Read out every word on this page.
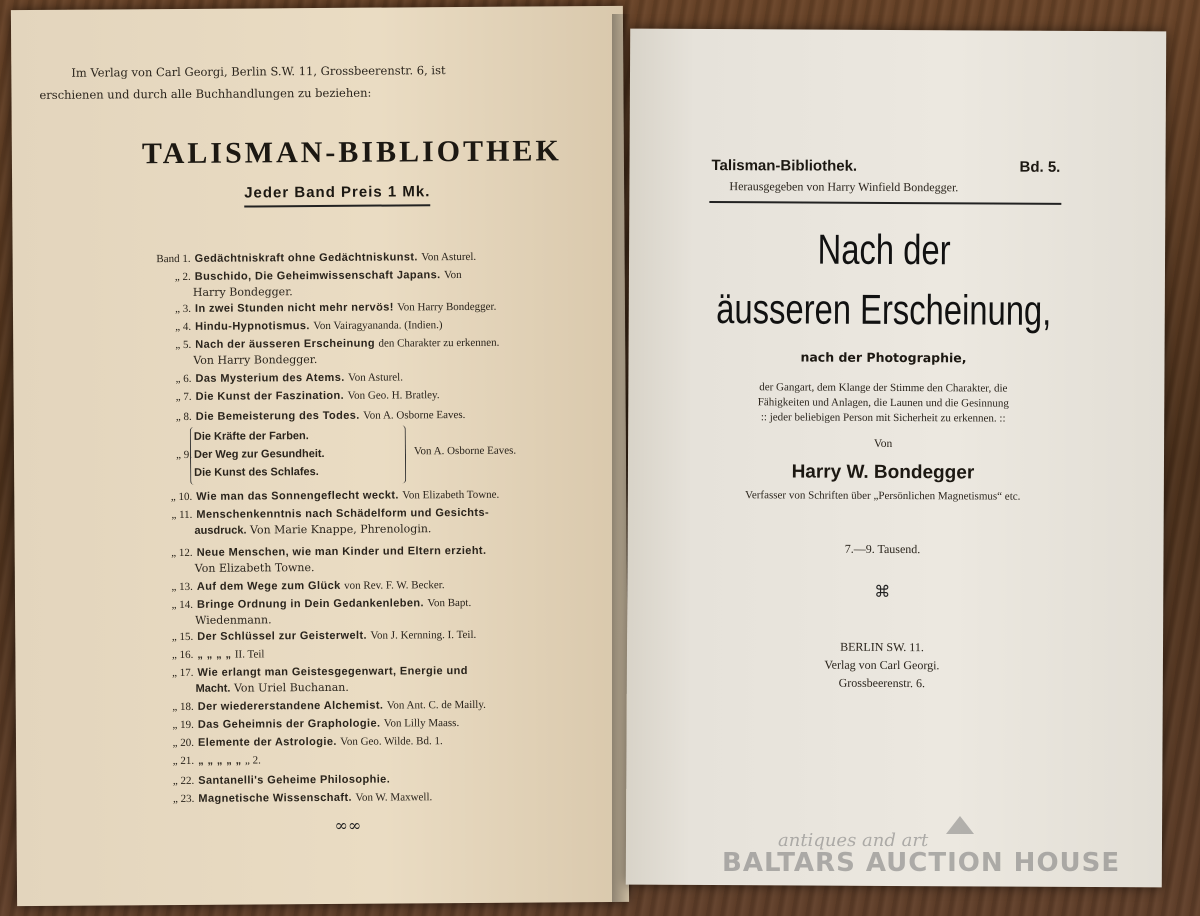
Im Verlag von Carl Georgi, Berlin S.W. 11, Grossbeerenstr. 6, ist
erschienen und durch alle Buchhandlungen zu beziehen:
TALISMAN-BIBLIOTHEK
Jeder Band Preis 1 Mk.
Band 1. Gedächtniskraft ohne Gedächtniskunst. Von Asturel.
„ 2. Buschido, Die Geheimwissenschaft Japans. Von
Harry Bondegger.
„ 3. In zwei Stunden nicht mehr nervös! Von Harry Bondegger.
„ 4. Hindu-Hypnotismus. Von Vairagyananda. (Indien.)
„ 5. Nach der äusseren Erscheinung den Charakter zu erkennen.
Von Harry Bondegger.
„ 6. Das Mysterium des Atems. Von Asturel.
„ 7. Die Kunst der Faszination. Von Geo. H. Bratley.
„ 8. Die Bemeisterung des Todes. Von A. Osborne Eaves.
„ 10. Wie man das Sonnengeflecht weckt. Von Elizabeth Towne.
„ 11. Menschenkenntnis nach Schädelform und Gesichts-
ausdruck. Von Marie Knappe, Phrenologin.
„ 12. Neue Menschen, wie man Kinder und Eltern erzieht.
Von Elizabeth Towne.
„ 13. Auf dem Wege zum Glück von Rev. F. W. Becker.
„ 14. Bringe Ordnung in Dein Gedankenleben. Von Bapt.
Wiedenmann.
„ 15. Der Schlüssel zur Geisterwelt. Von J. Kernning. I. Teil.
„ 16. „ „ „ „ II. Teil
„ 17. Wie erlangt man Geistesgegenwart, Energie und
Macht. Von Uriel Buchanan.
„ 18. Der wiedererstandene Alchemist. Von Ant. C. de Mailly.
„ 19. Das Geheimnis der Graphologie. Von Lilly Maass.
„ 20. Elemente der Astrologie. Von Geo. Wilde. Bd. 1.
„ 21. „ „ „ „ „ „ 2.
„ 22. Santanelli's Geheime Philosophie.
„ 23. Magnetische Wissenschaft. Von W. Maxwell.
„ 9.
Die Kräfte der Farben.
Der Weg zur Gesundheit.
Die Kunst des Schlafes.
Von A. Osborne Eaves.
∞∞
Talisman-Bibliothek.	Bd. 5.
Herausgegeben von Harry Winfield Bondegger.
Nach der
äusseren Erscheinung,
nach der Photographie,
der Gangart, dem Klange der Stimme den Charakter, die
Fähigkeiten und Anlagen, die Launen und die Gesinnung
:: jeder beliebigen Person mit Sicherheit zu erkennen. ::
Von
Harry W. Bondegger
Verfasser von Schriften über „Persönlichen Magnetismus“ etc.
7.—9. Tausend.
⌘
BERLIN SW. 11.
Verlag von Carl Georgi.
Grossbeerenstr. 6.
antiques and art
BALTARS AUCTION HOUSE
